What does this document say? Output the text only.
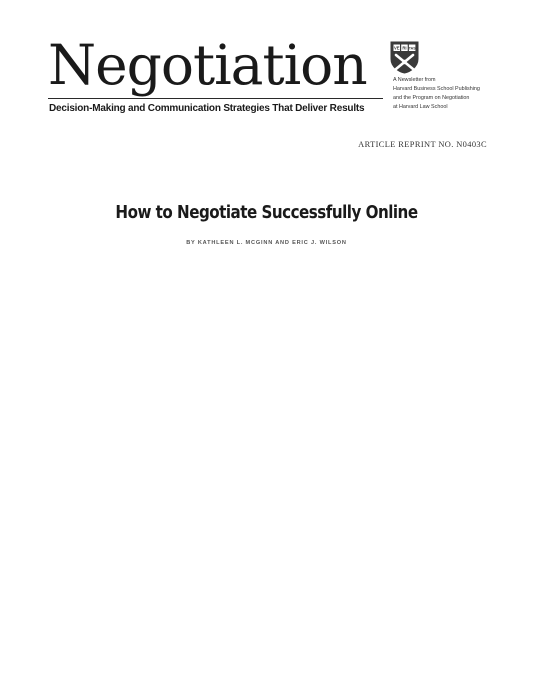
Negotiation
Decision-Making and Communication Strategies That Deliver Results
VE RI TAS
A Newsletter from
Harvard Business School Publishing
and the Program on Negotiation
at Harvard Law School
ARTICLE REPRINT NO. N0403C
How to Negotiate Successfully Online
BY KATHLEEN L. MCGINN AND ERIC J. WILSON
